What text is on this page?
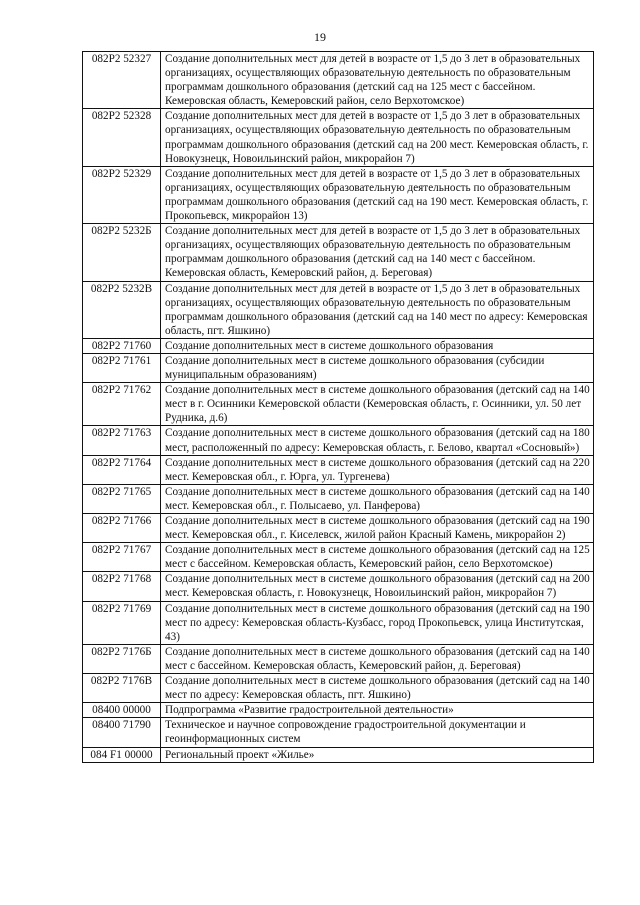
19
082P2 52327	Создание дополнительных мест для детей в возрасте от 1,5 до 3 лет в образовательных организациях, осуществляющих образовательную деятельность по образовательным программам дошкольного образования (детский сад на 125 мест с бассейном. Кемеровская область, Кемеровский район, село Верхотомское)
082P2 52328	Создание дополнительных мест для детей в возрасте от 1,5 до 3 лет в образовательных организациях, осуществляющих образовательную деятельность по образовательным программам дошкольного образования (детский сад на 200 мест. Кемеровская область, г. Новокузнецк, Новоильинский район, микрорайон 7)
082P2 52329	Создание дополнительных мест для детей в возрасте от 1,5 до 3 лет в образовательных организациях, осуществляющих образовательную деятельность по образовательным программам дошкольного образования (детский сад на 190 мест. Кемеровская область, г. Прокопьевск, микрорайон 13)
082P2 5232Б	Создание дополнительных мест для детей в возрасте от 1,5 до 3 лет в образовательных организациях, осуществляющих образовательную деятельность по образовательным программам дошкольного образования (детский сад на 140 мест с бассейном. Кемеровская область, Кемеровский район, д. Береговая)
082P2 5232В	Создание дополнительных мест для детей в возрасте от 1,5 до 3 лет в образовательных организациях, осуществляющих образовательную деятельность по образовательным программам дошкольного образования (детский сад на 140 мест по адресу: Кемеровская область, пгт. Яшкино)
082P2 71760	Создание дополнительных мест в системе дошкольного образования
082P2 71761	Создание дополнительных мест в системе дошкольного образования (субсидии муниципальным образованиям)
082P2 71762	Создание дополнительных мест в системе дошкольного образования (детский сад на 140 мест в г. Осинники Кемеровской области (Кемеровская область, г. Осинники, ул. 50 лет Рудника, д.6)
082P2 71763	Создание дополнительных мест в системе дошкольного образования (детский сад на 180 мест, расположенный по адресу: Кемеровская область, г. Белово, квартал «Сосновый»)
082P2 71764	Создание дополнительных мест в системе дошкольного образования (детский сад на 220 мест. Кемеровская обл., г. Юрга, ул. Тургенева)
082P2 71765	Создание дополнительных мест в системе дошкольного образования (детский сад на 140 мест. Кемеровская обл., г. Полысаево, ул. Панферова)
082P2 71766	Создание дополнительных мест в системе дошкольного образования (детский сад на 190 мест. Кемеровская обл., г. Киселевск, жилой район Красный Камень, микрорайон 2)
082P2 71767	Создание дополнительных мест в системе дошкольного образования (детский сад на 125 мест с бассейном. Кемеровская область, Кемеровский район, село Верхотомское)
082P2 71768	Создание дополнительных мест в системе дошкольного образования (детский сад на 200 мест. Кемеровская область, г. Новокузнецк, Новоильинский район, микрорайон 7)
082P2 71769	Создание дополнительных мест в системе дошкольного образования (детский сад на 190 мест по адресу: Кемеровская область-Кузбасс, город Прокопьевск, улица Институтская, 43)
082P2 7176Б	Создание дополнительных мест в системе дошкольного образования (детский сад на 140 мест с бассейном. Кемеровская область, Кемеровский район, д. Береговая)
082P2 7176В	Создание дополнительных мест в системе дошкольного образования (детский сад на 140 мест по адресу: Кемеровская область, пгт. Яшкино)
08400 00000	Подпрограмма «Развитие градостроительной деятельности»
08400 71790	Техническое и научное сопровождение градостроительной документации и геоинформационных систем
084 F1 00000	Региональный проект «Жилье»
